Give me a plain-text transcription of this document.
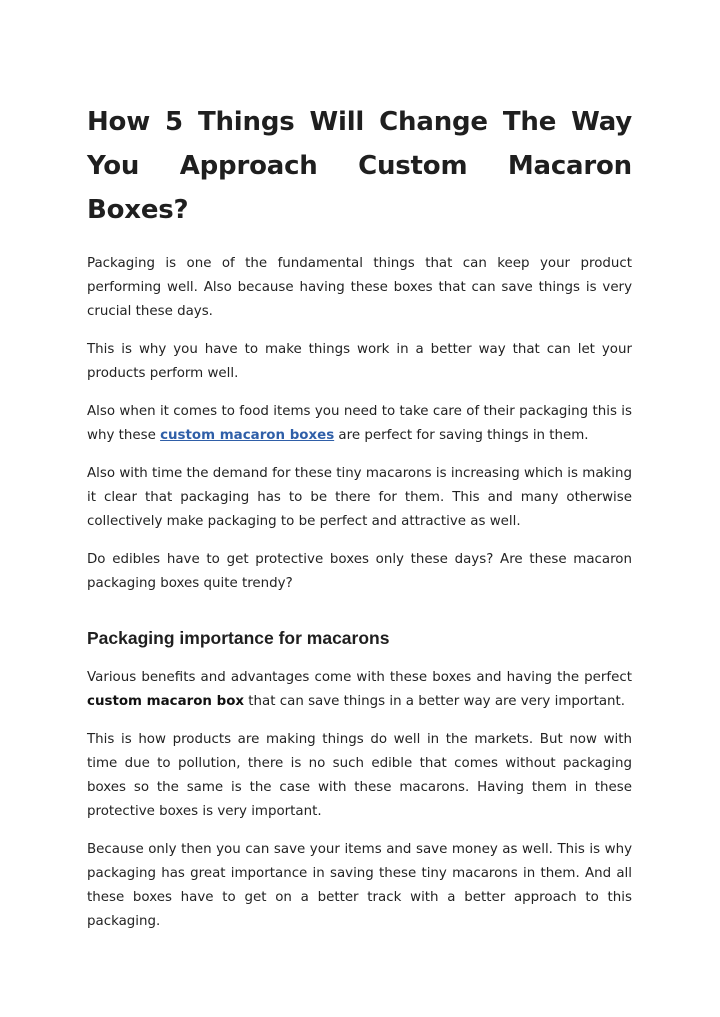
How 5 Things Will Change The Way You Approach Custom Macaron Boxes?

Packaging is one of the fundamental things that can keep your product performing well. Also because having these boxes that can save things is very crucial these days.

This is why you have to make things work in a better way that can let your products perform well.

Also when it comes to food items you need to take care of their packaging this is why these custom macaron boxes are perfect for saving things in them.

Also with time the demand for these tiny macarons is increasing which is making it clear that packaging has to be there for them. This and many otherwise collectively make packaging to be perfect and attractive as well.

Do edibles have to get protective boxes only these days? Are these macaron packaging boxes quite trendy?

Packaging importance for macarons

Various benefits and advantages come with these boxes and having the perfect custom macaron box that can save things in a better way are very important.

This is how products are making things do well in the markets. But now with time due to pollution, there is no such edible that comes without packaging boxes so the same is the case with these macarons. Having them in these protective boxes is very important.

Because only then you can save your items and save money as well. This is why packaging has great importance in saving these tiny macarons in them. And all these boxes have to get on a better track with a better approach to this packaging.
